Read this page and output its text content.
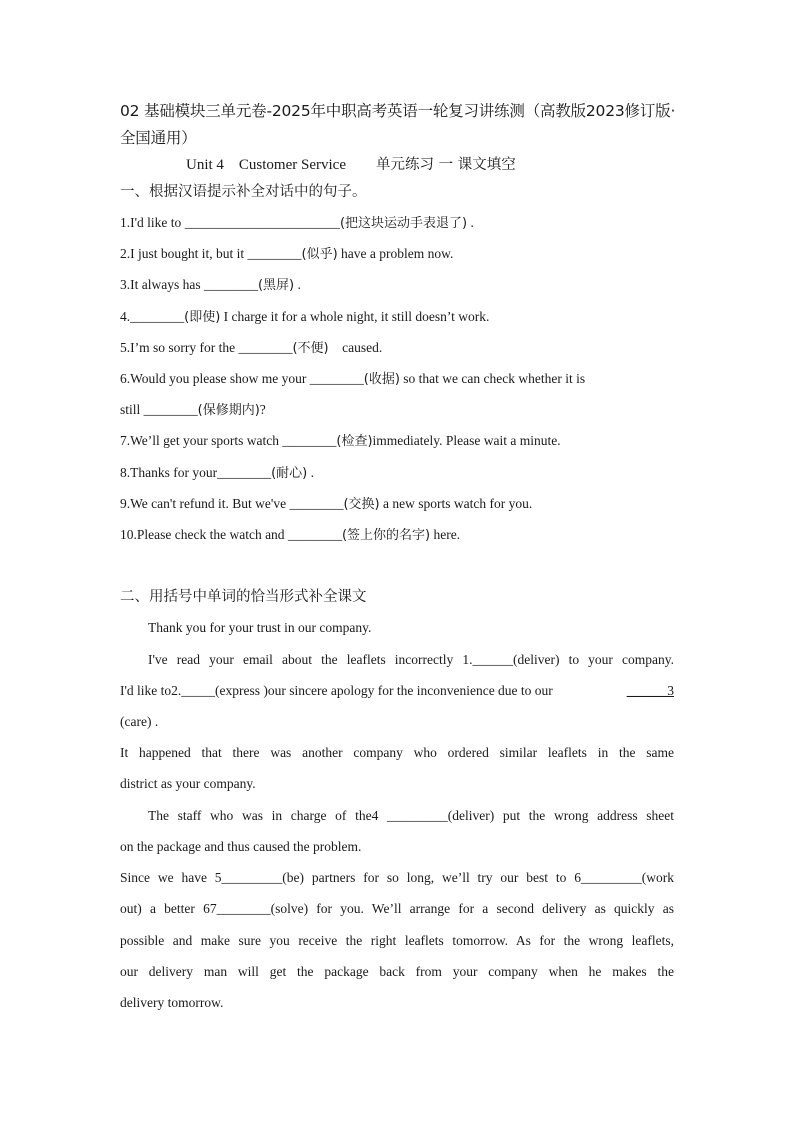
02 基础模块三单元卷-2025年中职高考英语一轮复习讲练测（高教版2023修订版·全国通用）
Unit 4    Customer Service 单元练习 一 课文填空
一、根据汉语提示补全对话中的句子。
1.I'd like to _______________________(把这块运动手表退了) .
2.I just bought it, but it ________(似乎) have a problem now.
3.It always has ________(黑屏) .
4.________(即使) I charge it for a whole night, it still doesn’t work.
5.I’m so sorry for the ________(不便)    caused.
6.Would you please show me your ________(收据) so that we can check whether it is
still ________(保修期内)?
7.We’ll get your sports watch ________(检查)immediately. Please wait a minute.
8.Thanks for your________(耐心) .
9.We can't refund it. But we've ________(交换) a new sports watch for you.
10.Please check the watch and ________(签上你的名字) here.
二、用括号中单词的恰当形式补全课文
Thank you for your trust in our company.
I've read your email about the leaflets incorrectly 1.______(deliver) to your company.
I'd like to2._____(express )our sincere apology for the inconvenience due to our	______3
(care) .
It happened that there was another company who ordered similar leaflets in the same
district as your company.
The staff who was in charge of the4 _________(deliver) put the wrong address sheet
on the package and thus caused the problem.
Since we have 5_________(be) partners for so long, we’ll try our best to 6_________(work
out) a better 67________(solve) for you. We’ll arrange for a second delivery as quickly as
possible and make sure you receive the right leaflets tomorrow. As for the wrong leaflets,
our delivery man will get the package back from your company when he makes the
delivery tomorrow.
